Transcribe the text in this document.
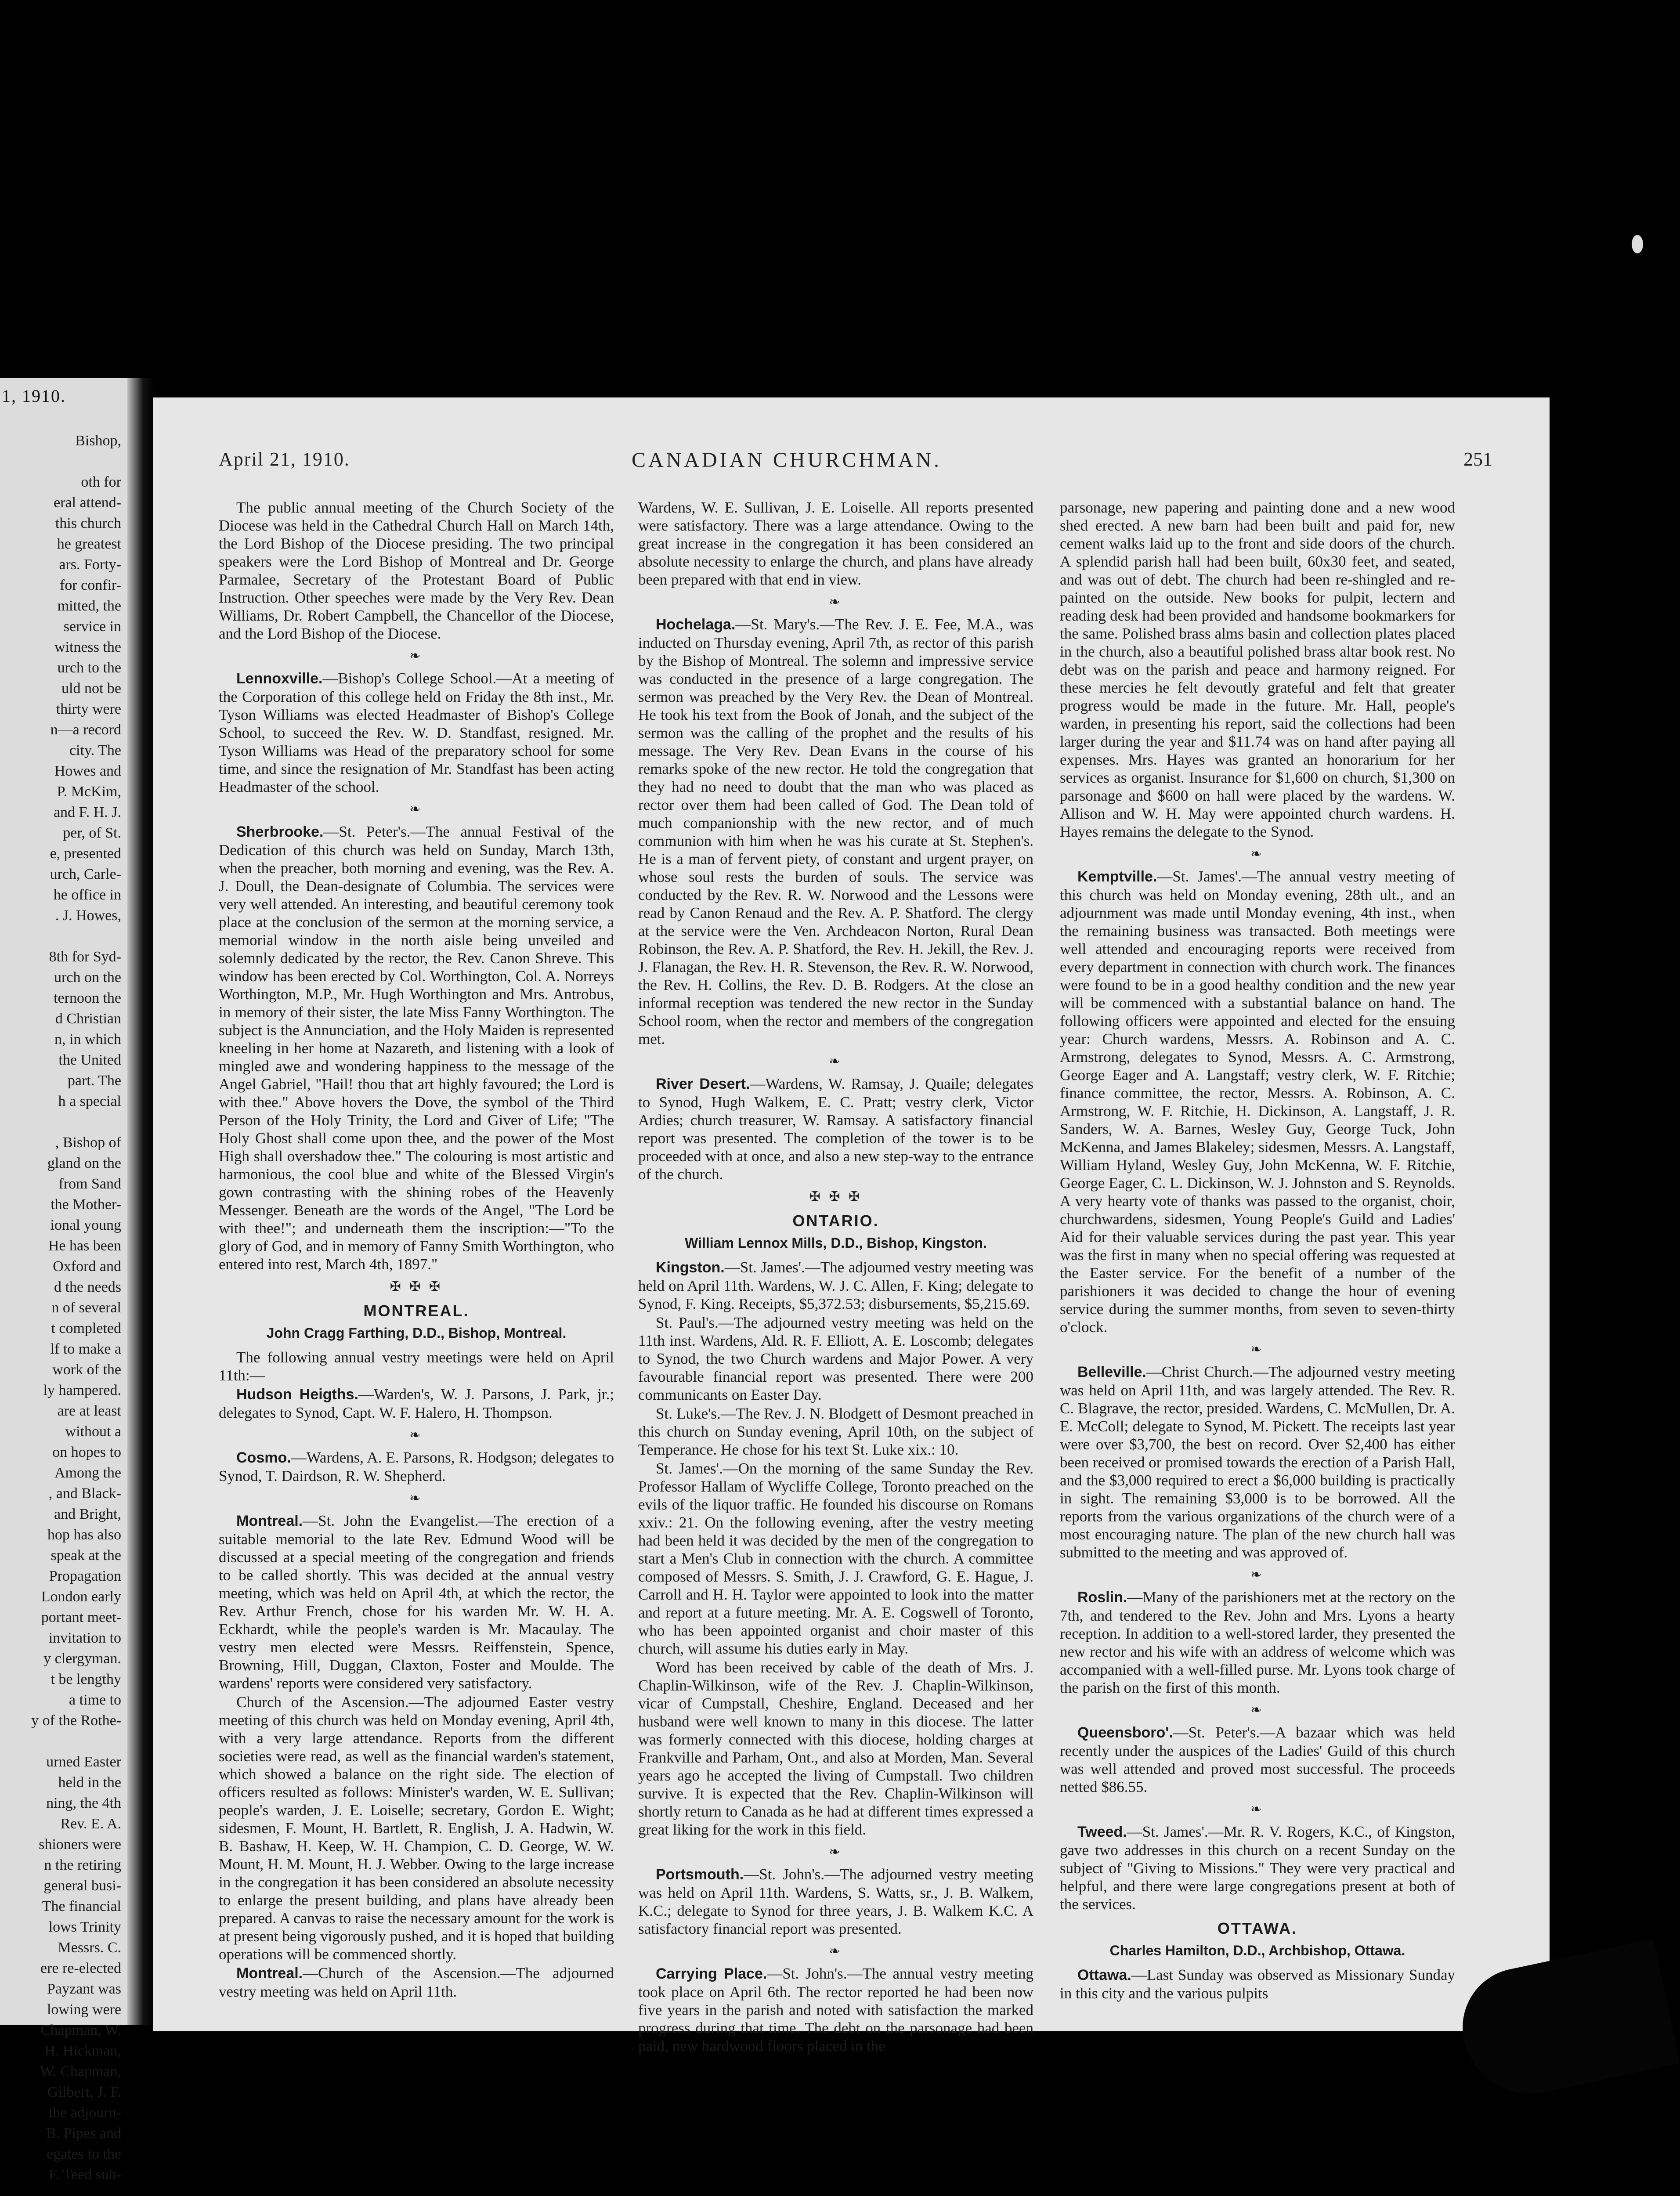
1, 1910.
Bishop,
oth for
eral attend-
this church
he greatest
ars. Forty-
for confir-
mitted, the
service in
witness the
urch to the
uld not be
thirty were
n—a record
city. The
Howes and
P. McKim,
and F. H. J.
per, of St.
e, presented
urch, Carle-
he office in
. J. Howes,
8th for Syd-
urch on the
ternoon the
d Christian
n, in which
the United
part. The
h a special
, Bishop of
gland on the
from Sand
the Mother-
ional young
He has been
Oxford and
d the needs
n of several
t completed
lf to make a
work of the
ly hampered.
are at least
without a
on hopes to
Among the
, and Black-
and Bright,
hop has also
speak at the
Propagation
London early
portant meet-
invitation to
y clergyman.
t be lengthy
a time to
y of the Rothe-
urned Easter
held in the
ning, the 4th
Rev. E. A.
shioners were
n the retiring
general busi-
The financial
lows Trinity
Messrs. C.
ere re-elected
Payzant was
lowing were
Chapman, W.
H. Hickman,
W. Chapman,
Gilbert, J. F.
the adjourn-
B. Pipes and
egates to the
F. Teed sub-
April 21, 1910.	CANADIAN CHURCHMAN.	251

The public annual meeting of the Church Society of the Diocese was held in the Cathedral Church Hall on March 14th, the Lord Bishop of the Diocese presiding. The two principal speakers were the Lord Bishop of Montreal and Dr. George Parmalee, Secretary of the Protestant Board of Public Instruction. Other speeches were made by the Very Rev. Dean Williams, Dr. Robert Campbell, the Chancellor of the Diocese, and the Lord Bishop of the Diocese.

❧

Lennoxville.—Bishop's College School.—At a meeting of the Corporation of this college held on Friday the 8th inst., Mr. Tyson Williams was elected Headmaster of Bishop's College School, to succeed the Rev. W. D. Standfast, resigned. Mr. Tyson Williams was Head of the preparatory school for some time, and since the resignation of Mr. Standfast has been acting Headmaster of the school.

❧

Sherbrooke.—St. Peter's.—The annual Festival of the Dedication of this church was held on Sunday, March 13th, when the preacher, both morning and evening, was the Rev. A. J. Doull, the Dean-designate of Columbia. The services were very well attended. An interesting, and beautiful ceremony took place at the conclusion of the sermon at the morning service, a memorial window in the north aisle being unveiled and solemnly dedicated by the rector, the Rev. Canon Shreve. This window has been erected by Col. Worthington, Col. A. Norreys Worthington, M.P., Mr. Hugh Worthington and Mrs. Antrobus, in memory of their sister, the late Miss Fanny Worthington. The subject is the Annunciation, and the Holy Maiden is represented kneeling in her home at Nazareth, and listening with a look of mingled awe and wondering happiness to the message of the Angel Gabriel, "Hail! thou that art highly favoured; the Lord is with thee." Above hovers the Dove, the symbol of the Third Person of the Holy Trinity, the Lord and Giver of Life; "The Holy Ghost shall come upon thee, and the power of the Most High shall overshadow thee." The colouring is most artistic and harmonious, the cool blue and white of the Blessed Virgin's gown contrasting with the shining robes of the Heavenly Messenger. Beneath are the words of the Angel, "The Lord be with thee!"; and underneath them the inscription:—"To the glory of God, and in memory of Fanny Smith Worthington, who entered into rest, March 4th, 1897."

✠ ✠ ✠
MONTREAL.
John Cragg Farthing, D.D., Bishop, Montreal.

The following annual vestry meetings were held on April 11th:—

Hudson Heigths.—Warden's, W. J. Parsons, J. Park, jr.; delegates to Synod, Capt. W. F. Halero, H. Thompson.

❧

Cosmo.—Wardens, A. E. Parsons, R. Hodgson; delegates to Synod, T. Dairdson, R. W. Shepherd.

❧

Montreal.—St. John the Evangelist.—The erection of a suitable memorial to the late Rev. Edmund Wood will be discussed at a special meeting of the congregation and friends to be called shortly. This was decided at the annual vestry meeting, which was held on April 4th, at which the rector, the Rev. Arthur French, chose for his warden Mr. W. H. A. Eckhardt, while the people's warden is Mr. Macaulay. The vestry men elected were Messrs. Reiffenstein, Spence, Browning, Hill, Duggan, Claxton, Foster and Moulde. The wardens' reports were considered very satisfactory.

Church of the Ascension.—The adjourned Easter vestry meeting of this church was held on Monday evening, April 4th, with a very large attendance. Reports from the different societies were read, as well as the financial warden's statement, which showed a balance on the right side. The election of officers resulted as follows: Minister's warden, W. E. Sullivan; people's warden, J. E. Loiselle; secretary, Gordon E. Wight; sidesmen, F. Mount, H. Bartlett, R. English, J. A. Hadwin, W. B. Bashaw, H. Keep, W. H. Champion, C. D. George, W. W. Mount, H. M. Mount, H. J. Webber. Owing to the large increase in the congregation it has been considered an absolute necessity to enlarge the present building, and plans have already been prepared. A canvas to raise the necessary amount for the work is at present being vigorously pushed, and it is hoped that building operations will be commenced shortly.

Montreal.—Church of the Ascension.—The adjourned vestry meeting was held on April 11th.

Wardens, W. E. Sullivan, J. E. Loiselle. All reports presented were satisfactory. There was a large attendance. Owing to the great increase in the congregation it has been considered an absolute necessity to enlarge the church, and plans have already been prepared with that end in view.

❧

Hochelaga.—St. Mary's.—The Rev. J. E. Fee, M.A., was inducted on Thursday evening, April 7th, as rector of this parish by the Bishop of Montreal. The solemn and impressive service was conducted in the presence of a large congregation. The sermon was preached by the Very Rev. the Dean of Montreal. He took his text from the Book of Jonah, and the subject of the sermon was the calling of the prophet and the results of his message. The Very Rev. Dean Evans in the course of his remarks spoke of the new rector. He told the congregation that they had no need to doubt that the man who was placed as rector over them had been called of God. The Dean told of much companionship with the new rector, and of much communion with him when he was his curate at St. Stephen's. He is a man of fervent piety, of constant and urgent prayer, on whose soul rests the burden of souls. The service was conducted by the Rev. R. W. Norwood and the Lessons were read by Canon Renaud and the Rev. A. P. Shatford. The clergy at the service were the Ven. Archdeacon Norton, Rural Dean Robinson, the Rev. A. P. Shatford, the Rev. H. Jekill, the Rev. J. J. Flanagan, the Rev. H. R. Stevenson, the Rev. R. W. Norwood, the Rev. H. Collins, the Rev. D. B. Rodgers. At the close an informal reception was tendered the new rector in the Sunday School room, when the rector and members of the congregation met.

❧

River Desert.—Wardens, W. Ramsay, J. Quaile; delegates to Synod, Hugh Walkem, E. C. Pratt; vestry clerk, Victor Ardies; church treasurer, W. Ramsay. A satisfactory financial report was presented. The completion of the tower is to be proceeded with at once, and also a new step-way to the entrance of the church.

✠ ✠ ✠
ONTARIO.
William Lennox Mills, D.D., Bishop, Kingston.

Kingston.—St. James'.—The adjourned vestry meeting was held on April 11th. Wardens, W. J. C. Allen, F. King; delegate to Synod, F. King. Receipts, $5,372.53; disbursements, $5,215.69.

St. Paul's.—The adjourned vestry meeting was held on the 11th inst. Wardens, Ald. R. F. Elliott, A. E. Loscomb; delegates to Synod, the two Church wardens and Major Power. A very favourable financial report was presented. There were 200 communicants on Easter Day.

St. Luke's.—The Rev. J. N. Blodgett of Desmont preached in this church on Sunday evening, April 10th, on the subject of Temperance. He chose for his text St. Luke xix.: 10.

St. James'.—On the morning of the same Sunday the Rev. Professor Hallam of Wycliffe College, Toronto preached on the evils of the liquor traffic. He founded his discourse on Romans xxiv.: 21. On the following evening, after the vestry meeting had been held it was decided by the men of the congregation to start a Men's Club in connection with the church. A committee composed of Messrs. S. Smith, J. J. Crawford, G. E. Hague, J. Carroll and H. H. Taylor were appointed to look into the matter and report at a future meeting. Mr. A. E. Cogswell of Toronto, who has been appointed organist and choir master of this church, will assume his duties early in May.

Word has been received by cable of the death of Mrs. J. Chaplin-Wilkinson, wife of the Rev. J. Chaplin-Wilkinson, vicar of Cumpstall, Cheshire, England. Deceased and her husband were well known to many in this diocese. The latter was formerly connected with this diocese, holding charges at Frankville and Parham, Ont., and also at Morden, Man. Several years ago he accepted the living of Cumpstall. Two children survive. It is expected that the Rev. Chaplin-Wilkinson will shortly return to Canada as he had at different times expressed a great liking for the work in this field.

❧

Portsmouth.—St. John's.—The adjourned vestry meeting was held on April 11th. Wardens, S. Watts, sr., J. B. Walkem, K.C.; delegate to Synod for three years, J. B. Walkem K.C. A satisfactory financial report was presented.

❧

Carrying Place.—St. John's.—The annual vestry meeting took place on April 6th. The rector reported he had been now five years in the parish and noted with satisfaction the marked progress during that time. The debt on the parsonage had been paid, new hardwood floors placed in the

parsonage, new papering and painting done and a new wood shed erected. A new barn had been built and paid for, new cement walks laid up to the front and side doors of the church. A splendid parish hall had been built, 60x30 feet, and seated, and was out of debt. The church had been re-shingled and re-painted on the outside. New books for pulpit, lectern and reading desk had been provided and handsome bookmarkers for the same. Polished brass alms basin and collection plates placed in the church, also a beautiful polished brass altar book rest. No debt was on the parish and peace and harmony reigned. For these mercies he felt devoutly grateful and felt that greater progress would be made in the future. Mr. Hall, people's warden, in presenting his report, said the collections had been larger during the year and $11.74 was on hand after paying all expenses. Mrs. Hayes was granted an honorarium for her services as organist. Insurance for $1,600 on church, $1,300 on parsonage and $600 on hall were placed by the wardens. W. Allison and W. H. May were appointed church wardens. H. Hayes remains the delegate to the Synod.

❧

Kemptville.—St. James'.—The annual vestry meeting of this church was held on Monday evening, 28th ult., and an adjournment was made until Monday evening, 4th inst., when the remaining business was transacted. Both meetings were well attended and encouraging reports were received from every department in connection with church work. The finances were found to be in a good healthy condition and the new year will be commenced with a substantial balance on hand. The following officers were appointed and elected for the ensuing year: Church wardens, Messrs. A. Robinson and A. C. Armstrong, delegates to Synod, Messrs. A. C. Armstrong, George Eager and A. Langstaff; vestry clerk, W. F. Ritchie; finance committee, the rector, Messrs. A. Robinson, A. C. Armstrong, W. F. Ritchie, H. Dickinson, A. Langstaff, J. R. Sanders, W. A. Barnes, Wesley Guy, George Tuck, John McKenna, and James Blakeley; sidesmen, Messrs. A. Langstaff, William Hyland, Wesley Guy, John McKenna, W. F. Ritchie, George Eager, C. L. Dickinson, W. J. Johnston and S. Reynolds. A very hearty vote of thanks was passed to the organist, choir, churchwardens, sidesmen, Young People's Guild and Ladies' Aid for their valuable services during the past year. This year was the first in many when no special offering was requested at the Easter service. For the benefit of a number of the parishioners it was decided to change the hour of evening service during the summer months, from seven to seven-thirty o'clock.

❧

Belleville.—Christ Church.—The adjourned vestry meeting was held on April 11th, and was largely attended. The Rev. R. C. Blagrave, the rector, presided. Wardens, C. McMullen, Dr. A. E. McColl; delegate to Synod, M. Pickett. The receipts last year were over $3,700, the best on record. Over $2,400 has either been received or promised towards the erection of a Parish Hall, and the $3,000 required to erect a $6,000 building is practically in sight. The remaining $3,000 is to be borrowed. All the reports from the various organizations of the church were of a most encouraging nature. The plan of the new church hall was submitted to the meeting and was approved of.

❧

Roslin.—Many of the parishioners met at the rectory on the 7th, and tendered to the Rev. John and Mrs. Lyons a hearty reception. In addition to a well-stored larder, they presented the new rector and his wife with an address of welcome which was accompanied with a well-filled purse. Mr. Lyons took charge of the parish on the first of this month.

❧

Queensboro'.—St. Peter's.—A bazaar which was held recently under the auspices of the Ladies' Guild of this church was well attended and proved most successful. The proceeds netted $86.55.

❧

Tweed.—St. James'.—Mr. R. V. Rogers, K.C., of Kingston, gave two addresses in this church on a recent Sunday on the subject of "Giving to Missions." They were very practical and helpful, and there were large congregations present at both of the services.

OTTAWA.
Charles Hamilton, D.D., Archbishop, Ottawa.

Ottawa.—Last Sunday was observed as Missionary Sunday in this city and the various pulpits
